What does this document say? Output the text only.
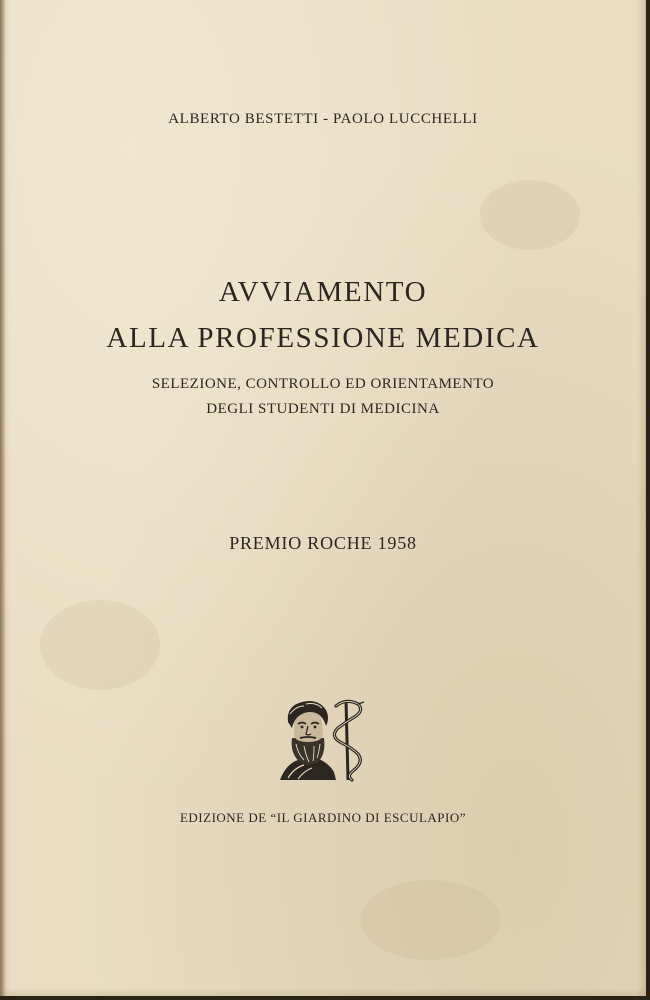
ALBERTO BESTETTI - PAOLO LUCCHELLI
AVVIAMENTO
ALLA PROFESSIONE MEDICA
SELEZIONE, CONTROLLO ED ORIENTAMENTO
DEGLI STUDENTI DI MEDICINA
PREMIO ROCHE 1958
EDIZIONE DE “IL GIARDINO DI ESCULAPIO”
